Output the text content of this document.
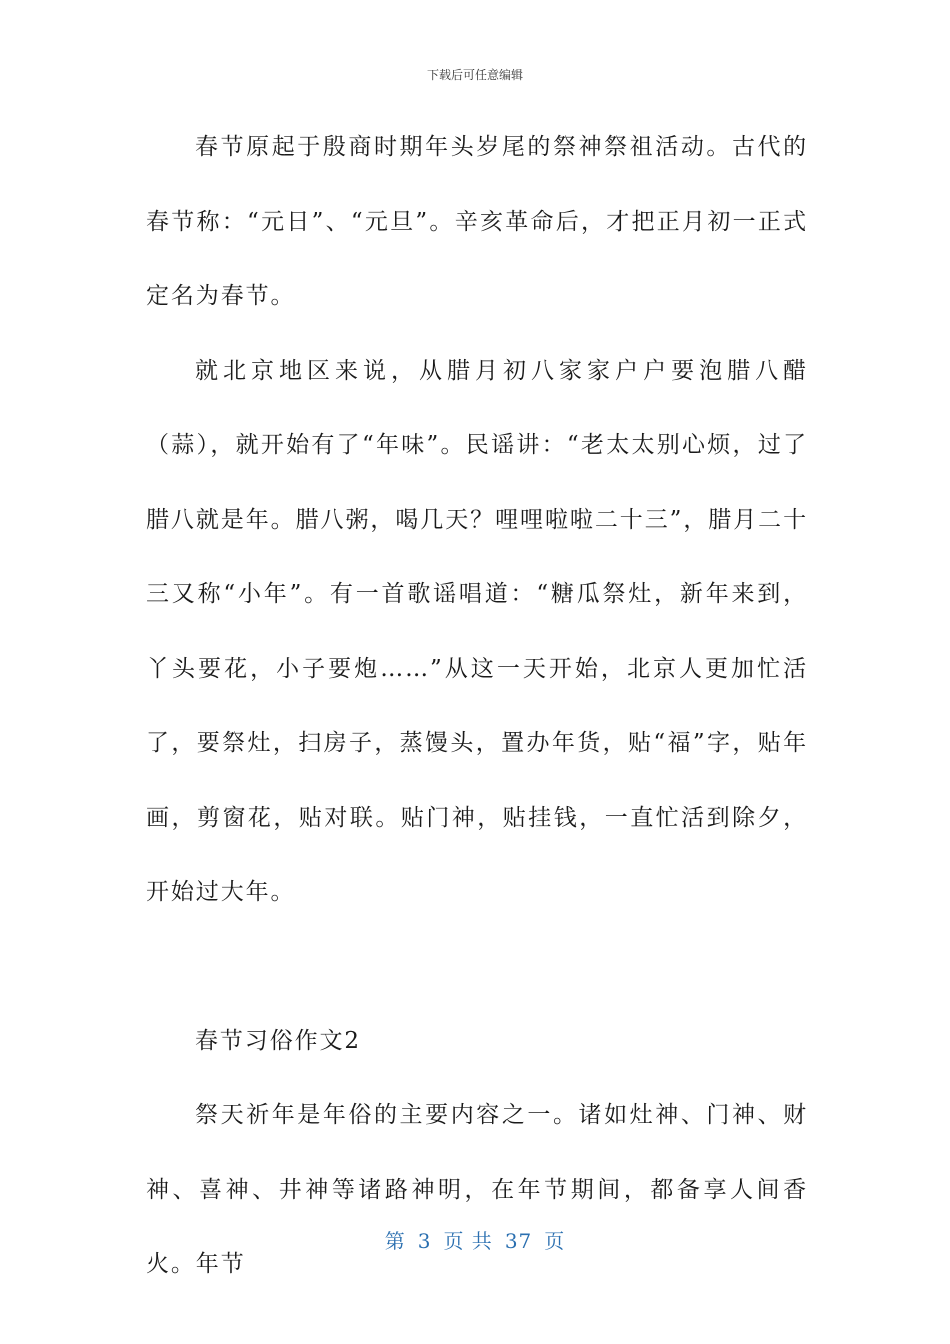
下载后可任意编辑

春节原起于殷商时期年头岁尾的祭神祭祖活动。古代的春节称：“元日”、“元旦”。辛亥革命后，才把正月初一正式定名为春节。

就北京地区来说，从腊月初八家家户户要泡腊八醋（蒜），就开始有了“年味”。民谣讲：“老太太别心烦，过了腊八就是年。腊八粥，喝几天？哩哩啦啦二十三”，腊月二十三又称“小年”。有一首歌谣唱道：“糖瓜祭灶，新年来到，丫头要花，小子要炮……”从这一天开始，北京人更加忙活了，要祭灶，扫房子，蒸馒头，置办年货，贴“福”字，贴年画，剪窗花，贴对联。贴门神，贴挂钱，一直忙活到除夕，开始过大年。

春节习俗作文2

祭天祈年是年俗的主要内容之一。诸如灶神、门神、财神、喜神、井神等诸路神明，在年节期间，都备享人间香火。年节

第 3 页 共 37 页
